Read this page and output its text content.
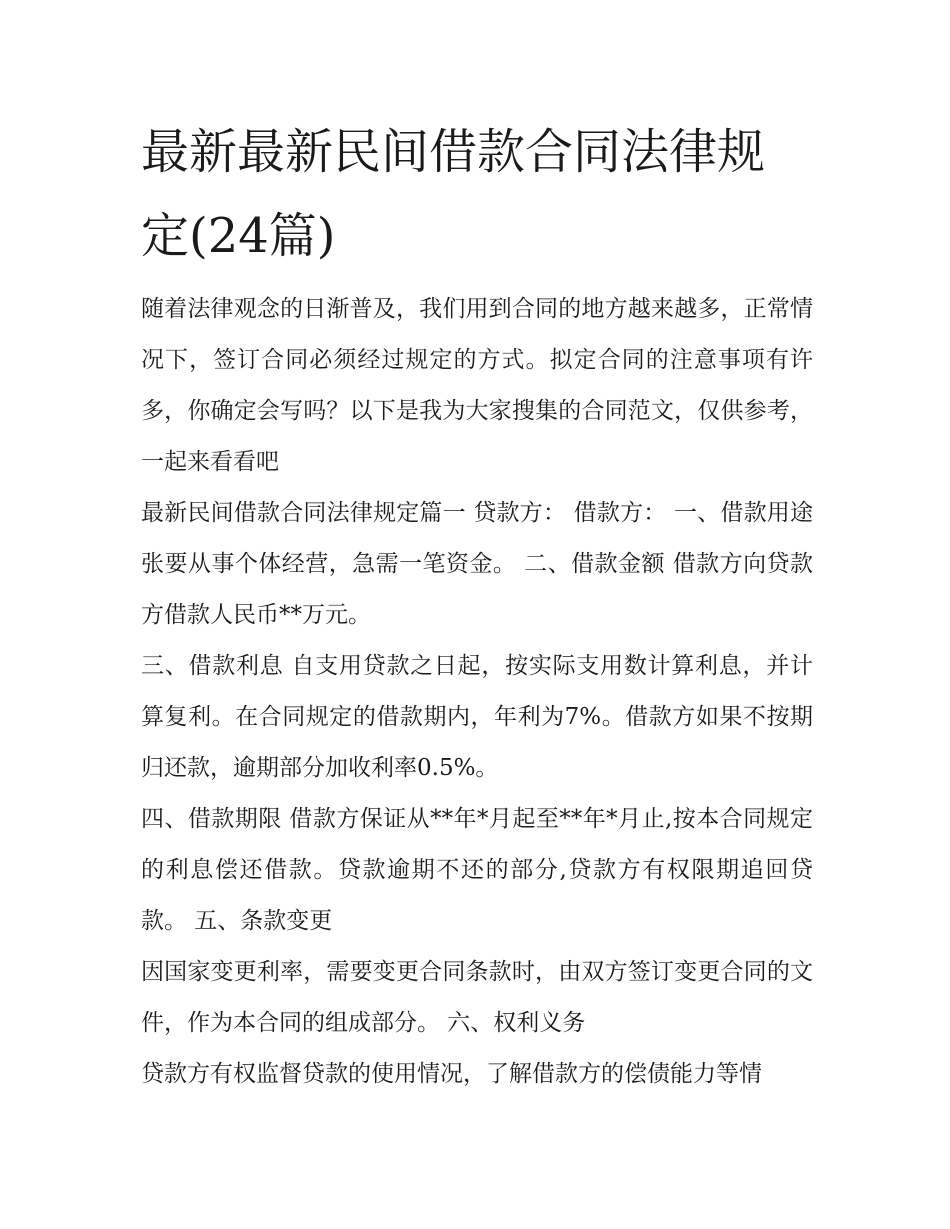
最新最新民间借款合同法律规定(24篇)

随着法律观念的日渐普及，我们用到合同的地方越来越多，正常情况下，签订合同必须经过规定的方式。拟定合同的注意事项有许多，你确定会写吗？以下是我为大家搜集的合同范文，仅供参考，一起来看看吧

最新民间借款合同法律规定篇一 贷款方： 借款方： 一、借款用途 张要从事个体经营，急需一笔资金。 二、借款金额 借款方向贷款方借款人民币**万元。

三、借款利息 自支用贷款之日起，按实际支用数计算利息，并计算复利。在合同规定的借款期内，年利为7%。借款方如果不按期归还款，逾期部分加收利率0.5%。

四、借款期限 借款方保证从**年*月起至**年*月止,按本合同规定的利息偿还借款。贷款逾期不还的部分,贷款方有权限期追回贷款。 五、条款变更

因国家变更利率，需要变更合同条款时，由双方签订变更合同的文件，作为本合同的组成部分。 六、权利义务

贷款方有权监督贷款的使用情况，了解借款方的偿债能力等情
